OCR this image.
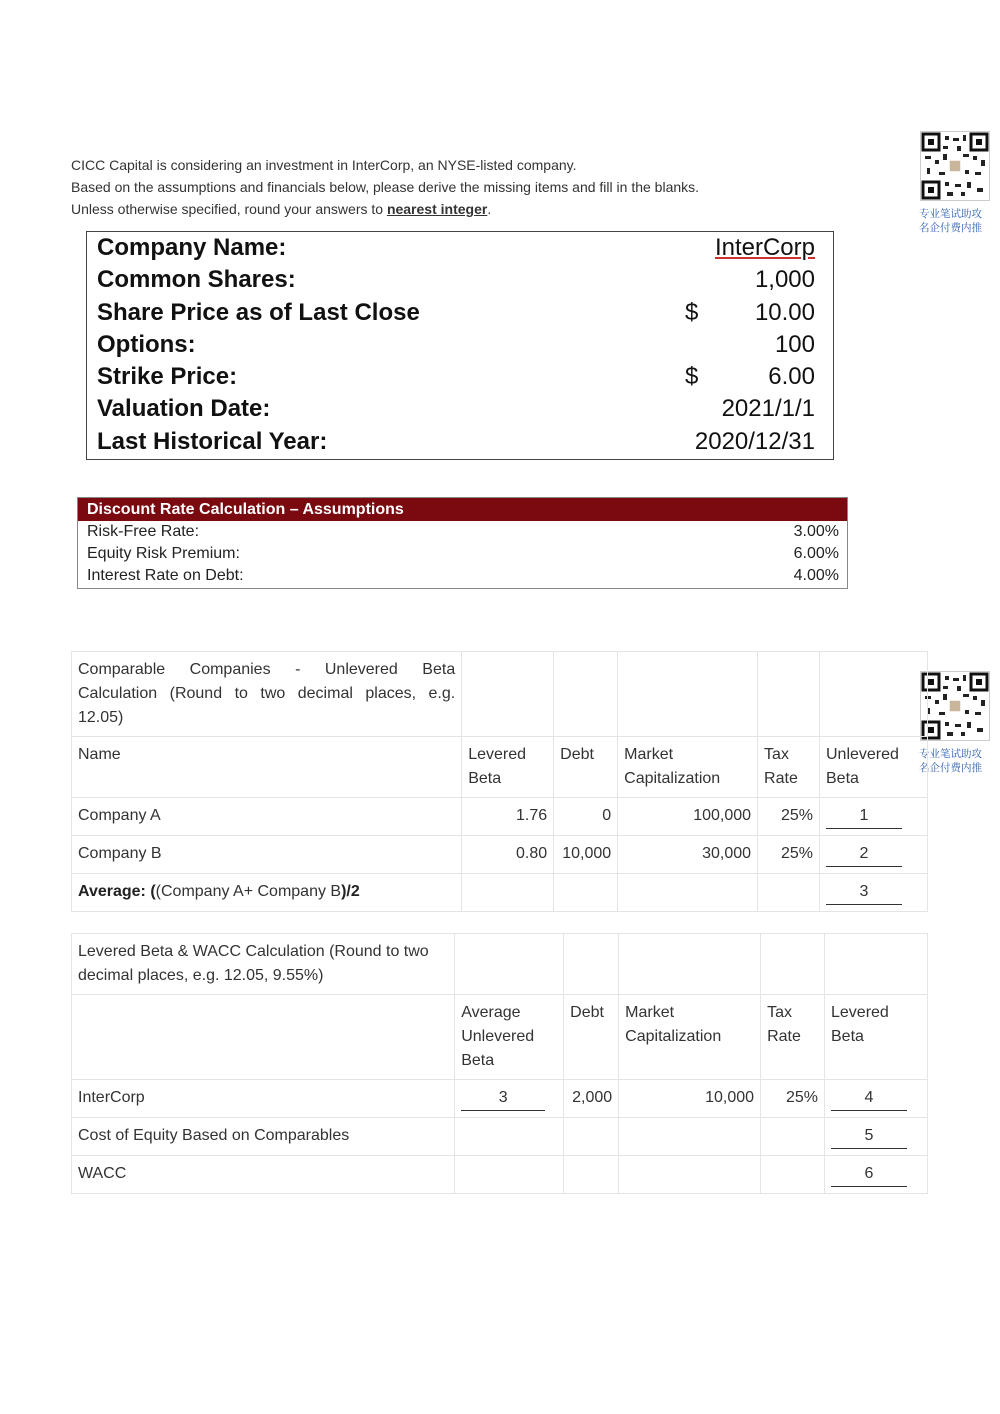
CICC Capital is considering an investment in InterCorp, an NYSE-listed company.
Based on the assumptions and financials below, please derive the missing items and fill in the blanks.
Unless otherwise specified, round your answers to nearest integer.	专业笔试助攻
名企付费内推
专业笔试助攻
名企付费内推
Company Name:	InterCorp
Common Shares:	1,000
Share Price as of Last Close	$ 10.00
Options:	100
Strike Price:	$	6.00
Valuation Date:	2021/1/1
Last Historical Year:	2020/12/31
Discount Rate Calculation – Assumptions
Risk-Free Rate:	3.00%
Equity Risk Premium:	6.00%
Interest Rate on Debt:	4.00%
Comparable Companies - Unlevered Beta Calculation (Round to two decimal places, e.g. 12.05)					
Name	Levered Beta	Debt	Market Capitalization	Tax Rate	Unlevered Beta
Company A	1.76	0	100,000	25%	1
Company B	0.80	10,000	30,000	25%	2
Average: ((Company A+ Company B)/2					3
Levered Beta & WACC Calculation (Round to two decimal places, e.g. 12.05, 9.55%)					
	Average Unlevered Beta	Debt	Market Capitalization	Tax Rate	Levered Beta
InterCorp	3	2,000	10,000	25%	4
Cost of Equity Based on Comparables					5
WACC					6
